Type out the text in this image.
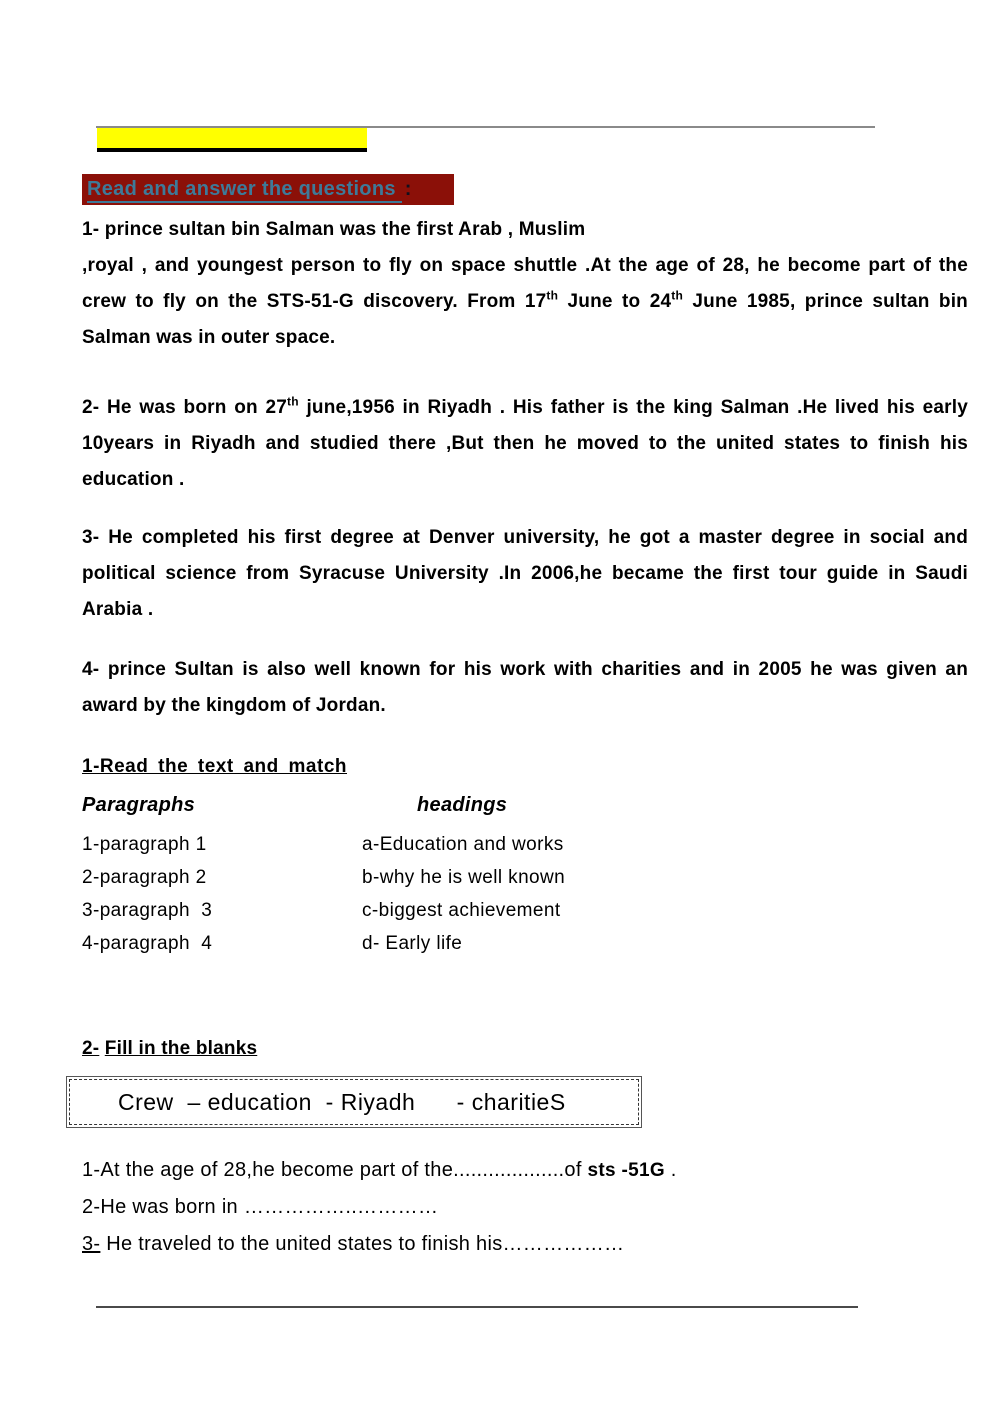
Read and answer the questions :

1- prince sultan bin Salman was the first Arab , Muslim
,royal , and youngest person to fly on space shuttle .At the age of 28, he become part of the crew to fly on the STS-51-G discovery. From 17th June to 24th June 1985, prince sultan bin Salman was in outer space.

2- He was born on 27th june,1956 in Riyadh . His father is the king Salman .He lived his early 10years in Riyadh and studied there ,But then he moved to the united states to finish his education .

3- He completed his first degree at Denver university, he got a master degree in social and political science from Syracuse University .In 2006,he became the first tour guide in Saudi Arabia .

4- prince Sultan is also well known for his work with charities and in 2005 he was given an award by the kingdom of Jordan.

1-Read the text and match
Paragraphs	headings
1-paragraph 1	a-Education and works
2-paragraph 2	b-why he is well known
3-paragraph  3	c-biggest achievement
4-paragraph  4	d- Early life
2- Fill in the blanks
Crew  – education  - Riyadh      - charitieS

1-At the age of 28,he become part of the...................of sts -51G .

2-He was born in ……………..…………

3- He traveled to the united states to finish his………………
